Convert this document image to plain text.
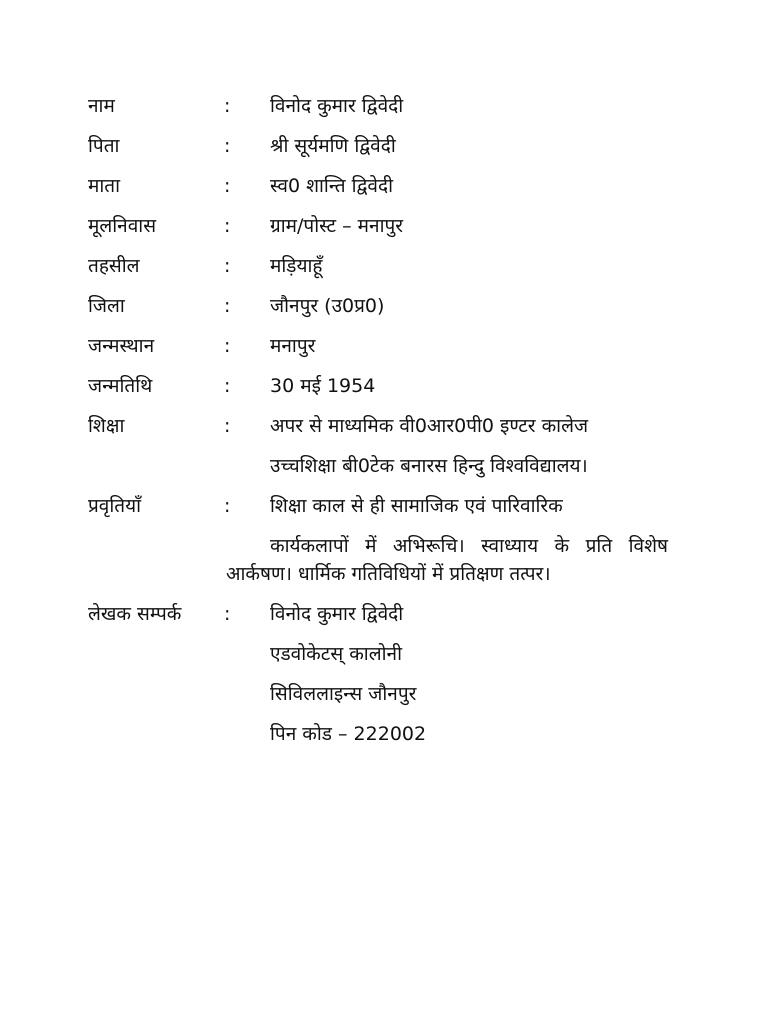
नाम	: विनोद कुमार द्विवेदी
पिता	: श्री सूर्यमणि द्विवेदी
माता	: स्व0 शान्ति द्विवेदी
मूलनिवास	: ग्राम/पोस्ट – मनापुर
तहसील	: मड़ियाहूँ
जिला	: जौनपुर (उ0प्र0)
जन्मस्थान	: मनापुर
जन्मतिथि	: 30 मई 1954
शिक्षा	: अपर से माध्यमिक वी0आर0पी0 इण्टर कालेज
उच्चशिक्षा बी0टेक बनारस हिन्दु विश्वविद्यालय।
प्रवृतियॉं	: शिक्षा काल से ही सामाजिक एवं पारिवारिक
कार्यकलापों में अभिरूचि। स्वाध्याय के प्रति विशेष
आर्कषण। धार्मिक गतिविधियों में प्रतिक्षण तत्पर।
लेखक सम्पर्क : विनोद कुमार द्विवेदी
एडवोकेटस् कालोनी
सिविललाइन्स जौनपुर
पिन कोड – 222002
